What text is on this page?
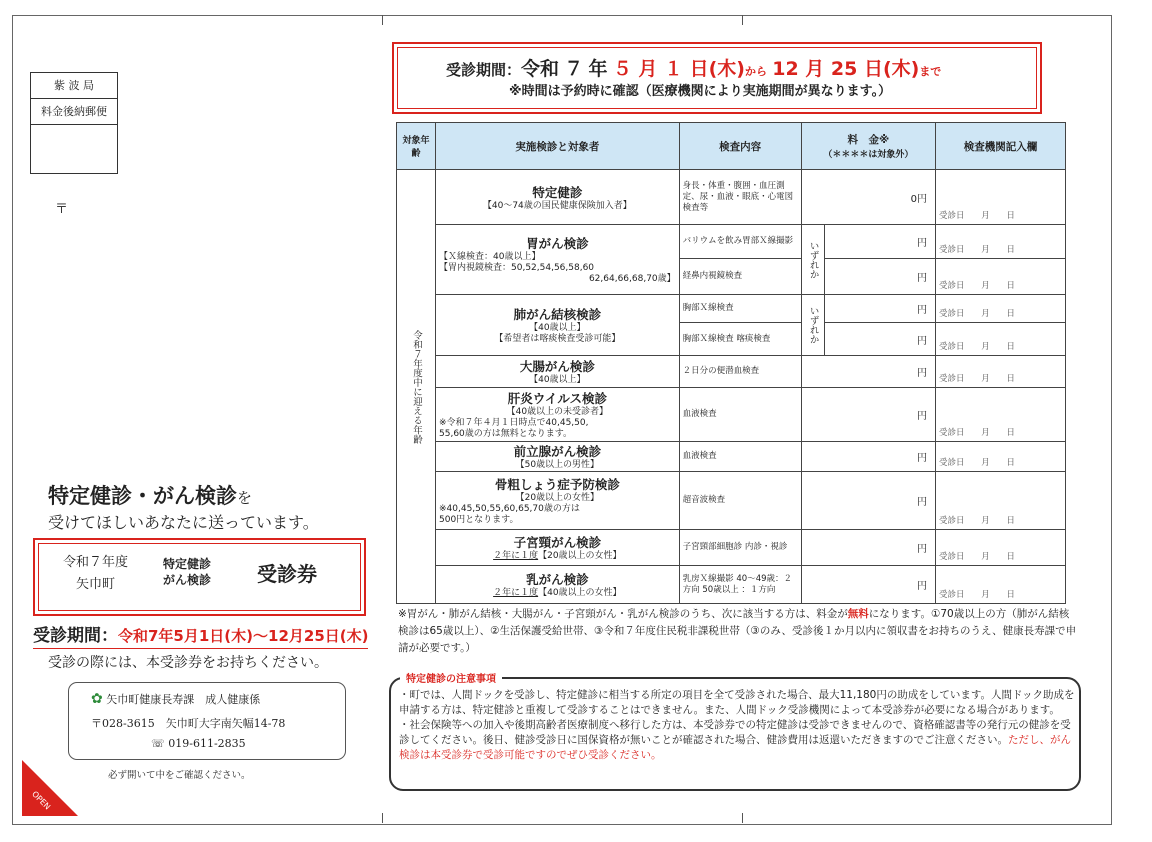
紫 波 局
料金後納郵便
〒
特定健診・がん検診を
受けてほしいあなたに送っています。
令和７年度
矢巾町
特定健診
がん検診 受診券
受診期間：令和7年5月1日(木)～12月25日(木)
受診の際には、本受診券をお持ちください。
✿ 矢巾町健康長寿課　成人健康係
〒028-3615　矢巾町大字南矢幅14-78
☏ 019-611-2835
必ず開いて中をご確認ください。
OPEN
受診期間：令和 ７ 年 ５ 月 １ 日(木)から 12 月 25 日(木)まで
※時間は予約時に確認（医療機関により実施期間が異なります。）
対象年齢	実施検診と対象者	検査内容	料　金※
（＊＊＊＊は対象外）		検査機関記入欄
令和７年度中に迎える年齢	特定健診
【40～74歳の国民健康保険加入者】	身長・体重・腹囲・血圧測定、尿・血液・眼底・心電図検査等	0円		受診日 月 日

	胃がん検診
【Ｘ線検査：40歳以上】
【胃内視鏡検査：50,52,54,56,58,60
62,64,66,68,70歳】	バリウムを飲み胃部Ｘ線撮影	いずれか	円	受診日 月 日
		経鼻内視鏡検査		円	受診日 月 日

	肺がん結核検診
【40歳以上】
【希望者は喀痰検査受診可能】	胸部Ｘ線検査	いずれか	円	受診日 月 日
		胸部Ｘ線検査 喀痰検査		円	受診日 月 日

	大腸がん検診
【40歳以上】	２日分の便潜血検査	円		受診日 月 日

	肝炎ウイルス検診
【40歳以上の未受診者】
※令和７年４月１日時点で40,45,50,
55,60歳の方は無料となります。	血液検査	円		受診日 月 日

	前立腺がん検診
【50歳以上の男性】	血液検査	円		受診日 月 日

	骨粗しょう症予防検診
【20歳以上の女性】
※40,45,50,55,60,65,70歳の方は
500円となります。	超音波検査	円		受診日 月 日

	子宮頸がん検診
２年に１度【20歳以上の女性】	子宮頸部細胞診 内診・視診	円		受診日 月 日

	乳がん検診
２年に１度【40歳以上の女性】	乳房Ｘ線撮影 40～49歳：２方向 50歳以上 ：１方向	円		受診日 月 日
※胃がん・肺がん結核・大腸がん・子宮頸がん・乳がん検診のうち、次に該当する方は、料金が無料になります。①70歳以上の方（肺がん結核検診は65歳以上）、②生活保護受給世帯、③令和７年度住民税非課税世帯（③のみ、受診後１か月以内に領収書をお持ちのうえ、健康長寿課で申請が必要です。）
特定健診の注意事項
・町では、人間ドックを受診し、特定健診に相当する所定の項目を全て受診された場合、最大11,180円の助成をしています。人間ドック助成を申請する方は、特定健診と重複して受診することはできません。また、人間ドック受診機関によって本受診券が必要になる場合があります。
・社会保険等への加入や後期高齢者医療制度へ移行した方は、本受診券での特定健診は受診できませんので、資格確認書等の発行元の健診を受診してください。後日、健診受診日に国保資格が無いことが確認された場合、健診費用は返還いただきますのでご注意ください。ただし、がん検診は本受診券で受診可能ですのでぜひ受診ください。
